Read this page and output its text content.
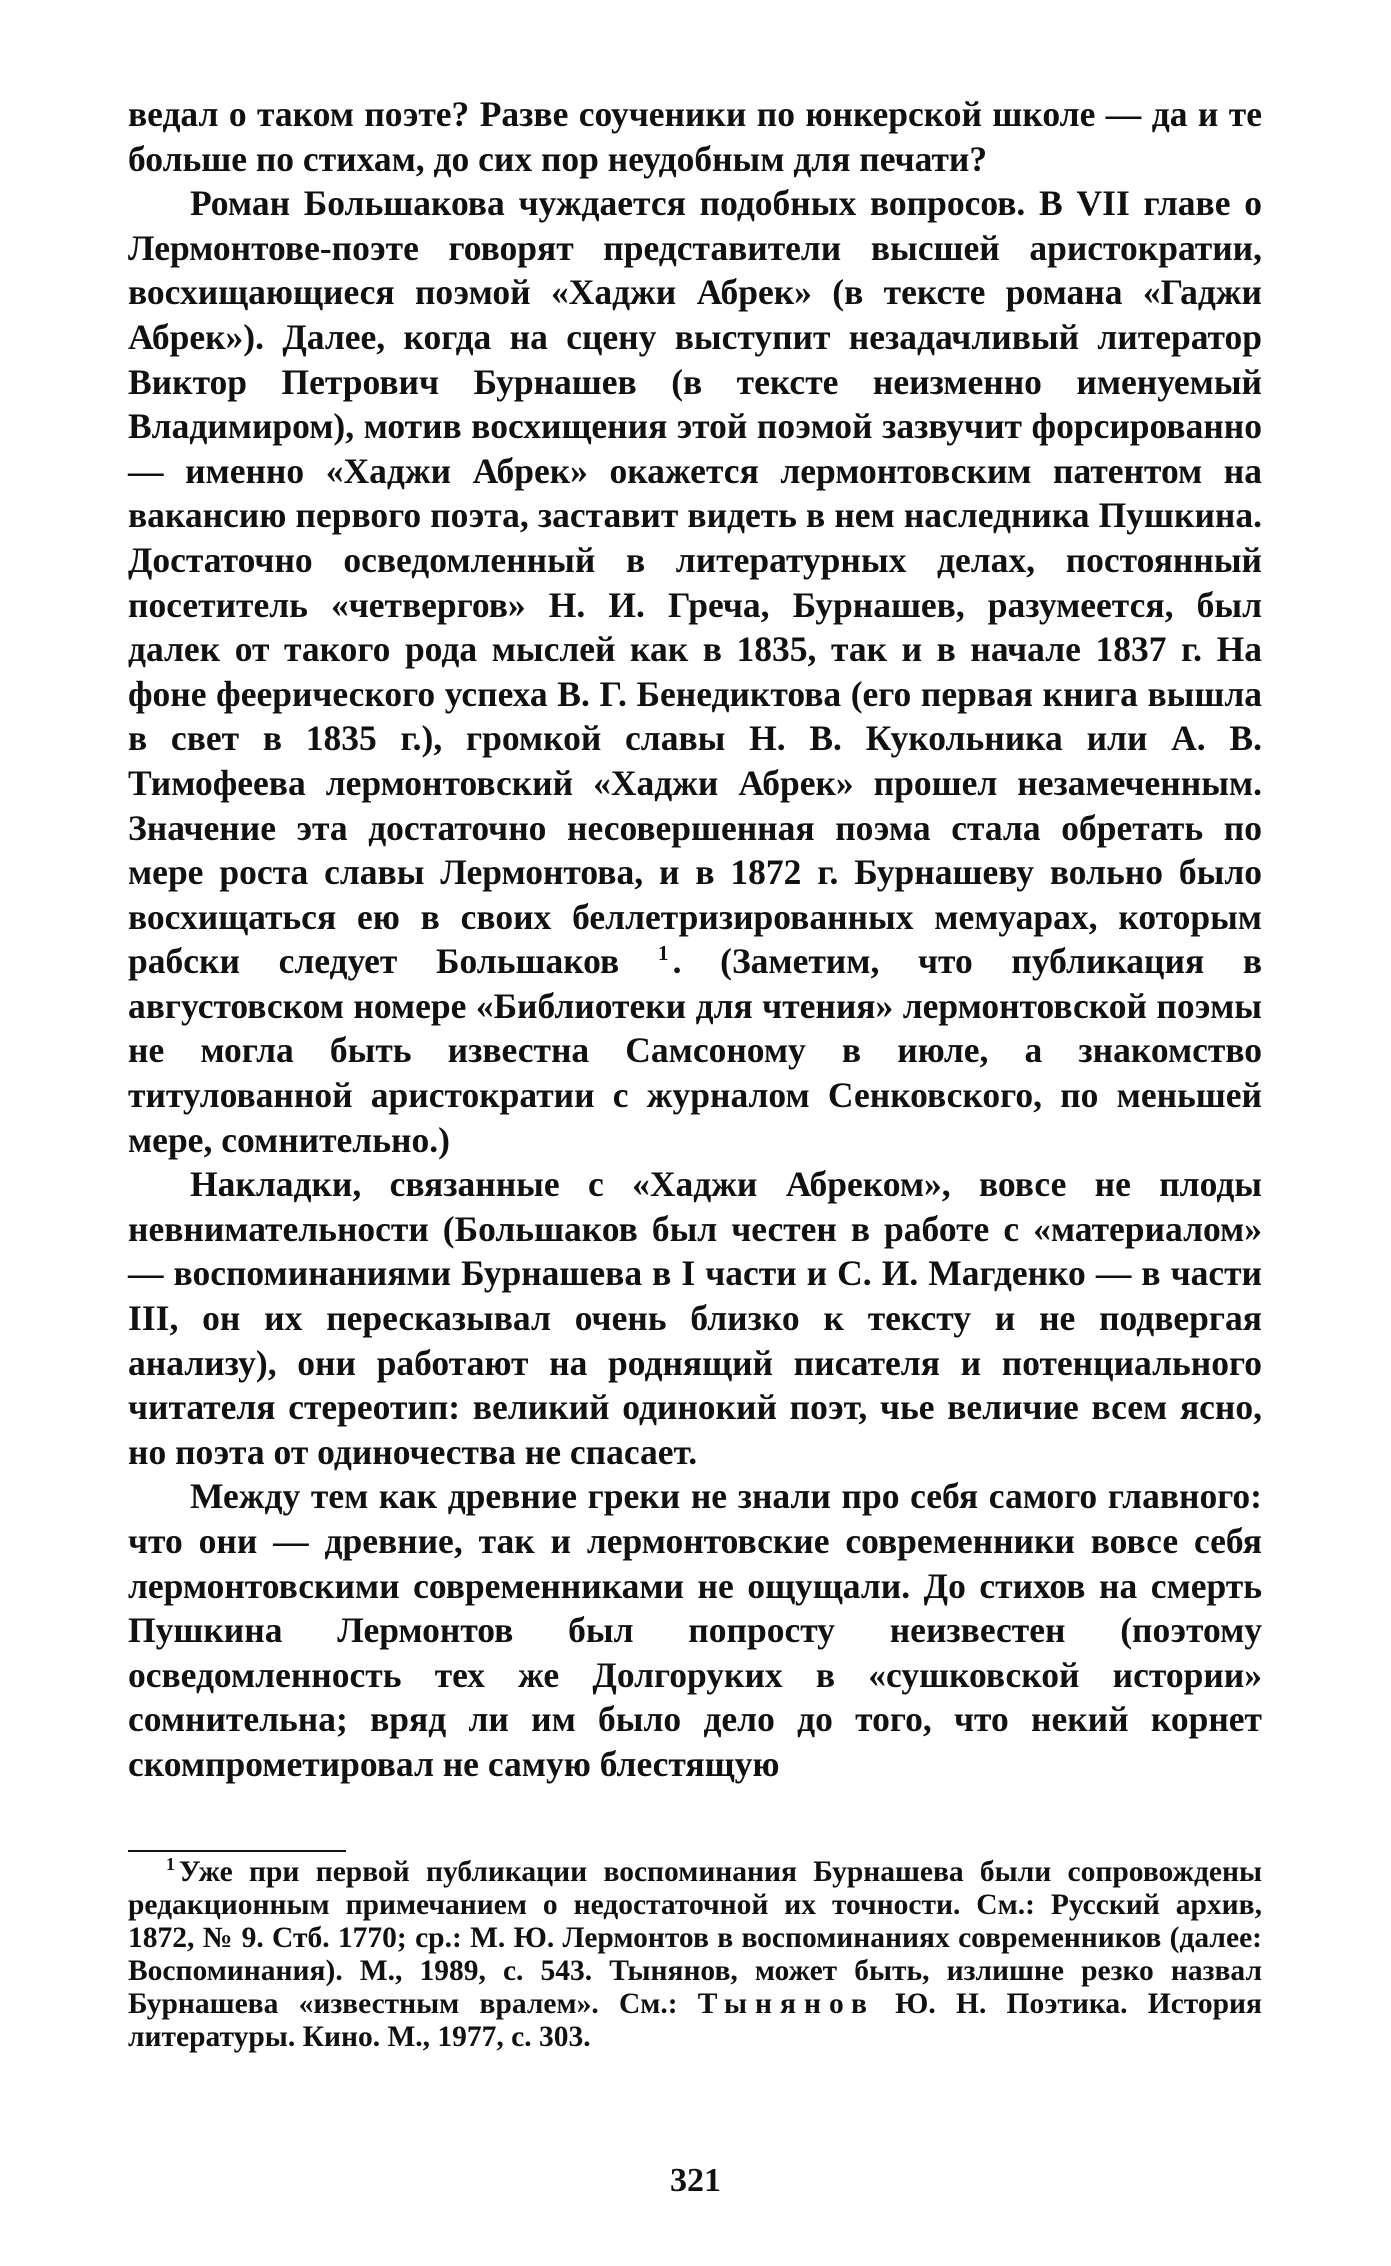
ведал о таком поэте? Разве соученики по юнкерской школе — да и те больше по стихам, до сих пор неудобным для печати?

Роман Большакова чуждается подобных вопросов. В VII главе о Лермонтове-поэте говорят представители высшей аристократии, восхищающиеся поэмой «Хаджи Абрек» (в тексте романа «Гаджи Абрек»). Далее, когда на сцену выступит незадачливый литератор Виктор Петрович Бурнашев (в тексте неизменно именуемый Владимиром), мотив восхищения этой поэмой зазвучит форсированно — именно «Хаджи Абрек» окажется лермонтовским патентом на вакансию первого поэта, заставит видеть в нем наследника Пушкина. Достаточно осведомленный в литературных делах, постоянный посетитель «четвергов» Н. И. Греча, Бурнашев, разумеется, был далек от такого рода мыслей как в 1835, так и в начале 1837 г. На фоне феерического успеха В. Г. Бенедиктова (его первая книга вышла в свет в 1835 г.), громкой славы Н. В. Кукольника или А. В. Тимофеева лермонтовский «Хаджи Абрек» прошел незамеченным. Значение эта достаточно несовершенная поэма стала обретать по мере роста славы Лермонтова, и в 1872 г. Бурнашеву вольно было восхищаться ею в своих беллетризированных мемуарах, которым рабски следует Большаков $^1$ . (Заметим, что публикация в августовском номере «Библиотеки для чтения» лермонтовской поэмы не могла быть известна Самсоному в июле, а знакомство титулованной аристократии с журналом Сенковского, по меньшей мере, сомнительно.)

Накладки, связанные с «Хаджи Абреком», вовсе не плоды невнимательности (Большаков был честен в работе с «материалом» — воспоминаниями Бурнашева в I части и С. И. Магденко — в части III, он их пересказывал очень близко к тексту и не подвергая анализу), они работают на роднящий писателя и потенциального читателя стереотип: великий одинокий поэт, чье величие всем ясно, но поэта от одиночества не спасает.

Между тем как древние греки не знали про себя самого главного: что они — древние, так и лермонтовские современники вовсе себя лермонтовскими современниками не ощущали. До стихов на смерть Пушкина Лермонтов был попросту неизвестен (поэтому осведомленность тех же Долгоруких в «сушковской истории» сомнительна; вряд ли им было дело до того, что некий корнет скомпрометировал не самую блестящую

$^1$ Уже при первой публикации воспоминания Бурнашева были сопровождены редакционным примечанием о недостаточной их точности. См.: Русский архив, 1872, № 9. Стб. 1770; ср.: М. Ю. Лермонтов в воспоминаниях современников (далее: Воспоминания). М., 1989, с. 543. Тынянов, может быть, излишне резко назвал Бурнашева «известным вралем». См.: Тынянов Ю. Н. Поэтика. История литературы. Кино. М., 1977, с. 303.
321
